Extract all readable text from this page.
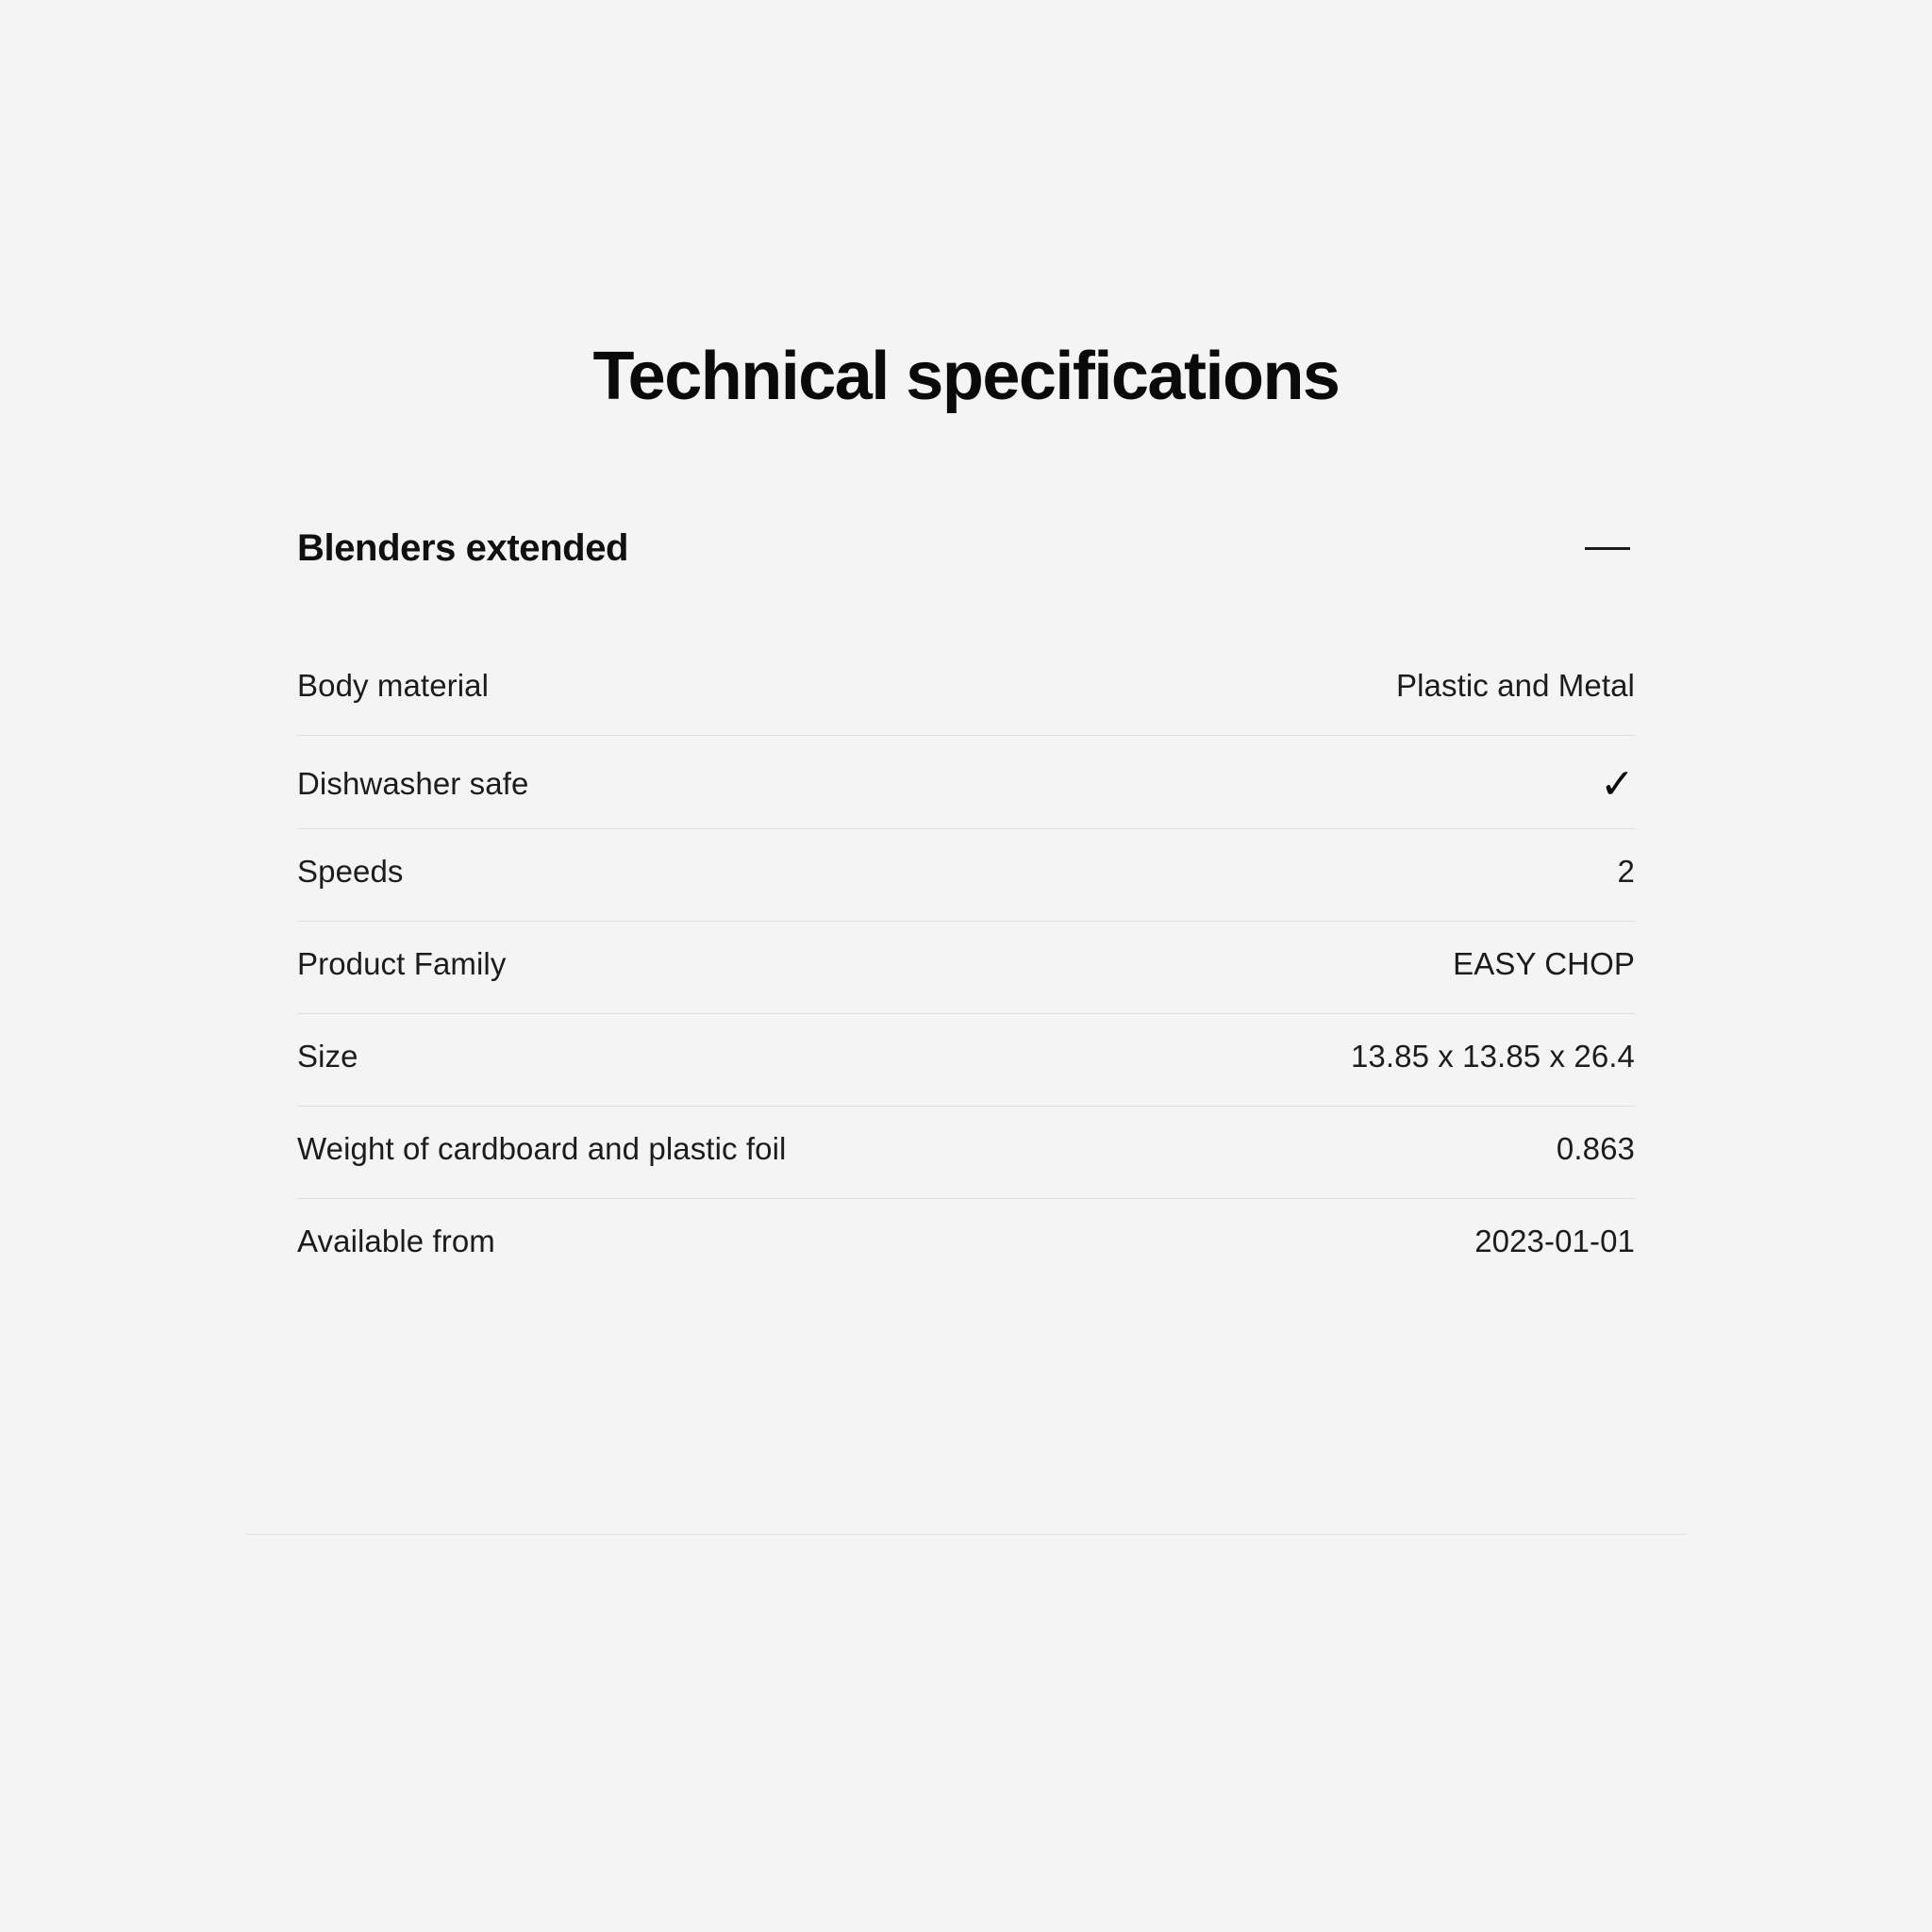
Technical specifications
Blenders extended
Body material	Plastic and Metal
Dishwasher safe	✓
Speeds	2
Product Family	EASY CHOP
Size	13.85 x 13.85 x 26.4
Weight of cardboard and plastic foil	0.863
Available from	2023-01-01
